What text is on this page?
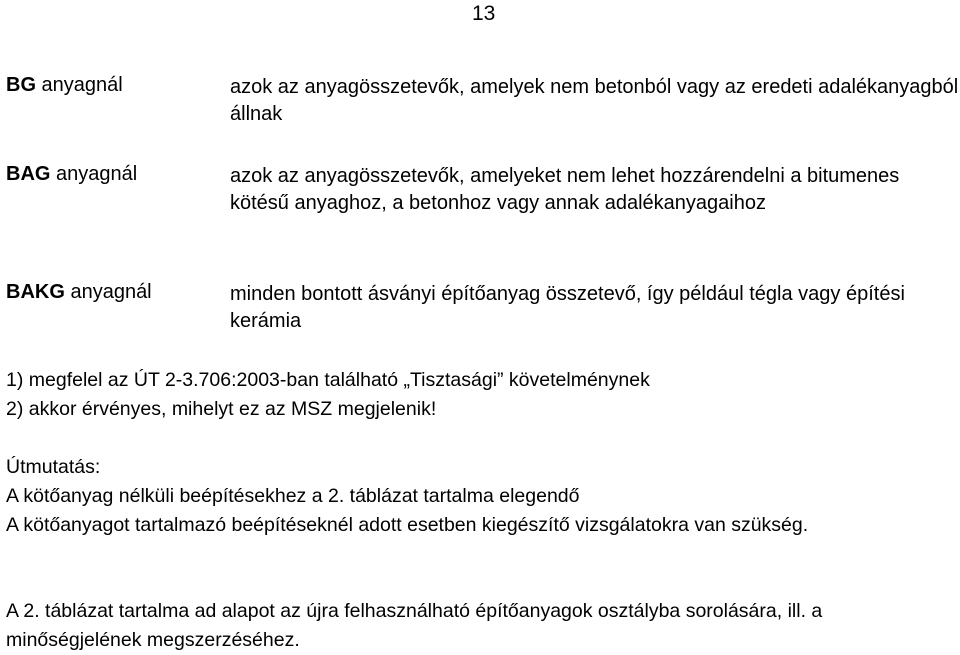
13
BG anyagnál	azok az anyagösszetevők, amelyek nem betonból vagy az eredeti adalékanyagból állnak
BAG anyagnál	azok az anyagösszetevők, amelyeket nem lehet hozzárendelni a bitumenes kötésű anyaghoz, a betonhoz vagy annak adalékanyagaihoz
BAKG anyagnál	minden bontott ásványi építőanyag összetevő, így például tégla vagy építési kerámia
1) megfelel az ÚT 2-3.706:2003-ban található „Tisztasági” követelménynek
2) akkor érvényes, mihelyt ez az MSZ megjelenik!
Útmutatás:
A kötőanyag nélküli beépítésekhez a 2. táblázat tartalma elegendő
A kötőanyagot tartalmazó beépítéseknél adott esetben kiegészítő vizsgálatokra van szükség.
A 2. táblázat tartalma ad alapot az újra felhasználható építőanyagok osztályba sorolására, ill. a minőségjelének megszerzéséhez.
